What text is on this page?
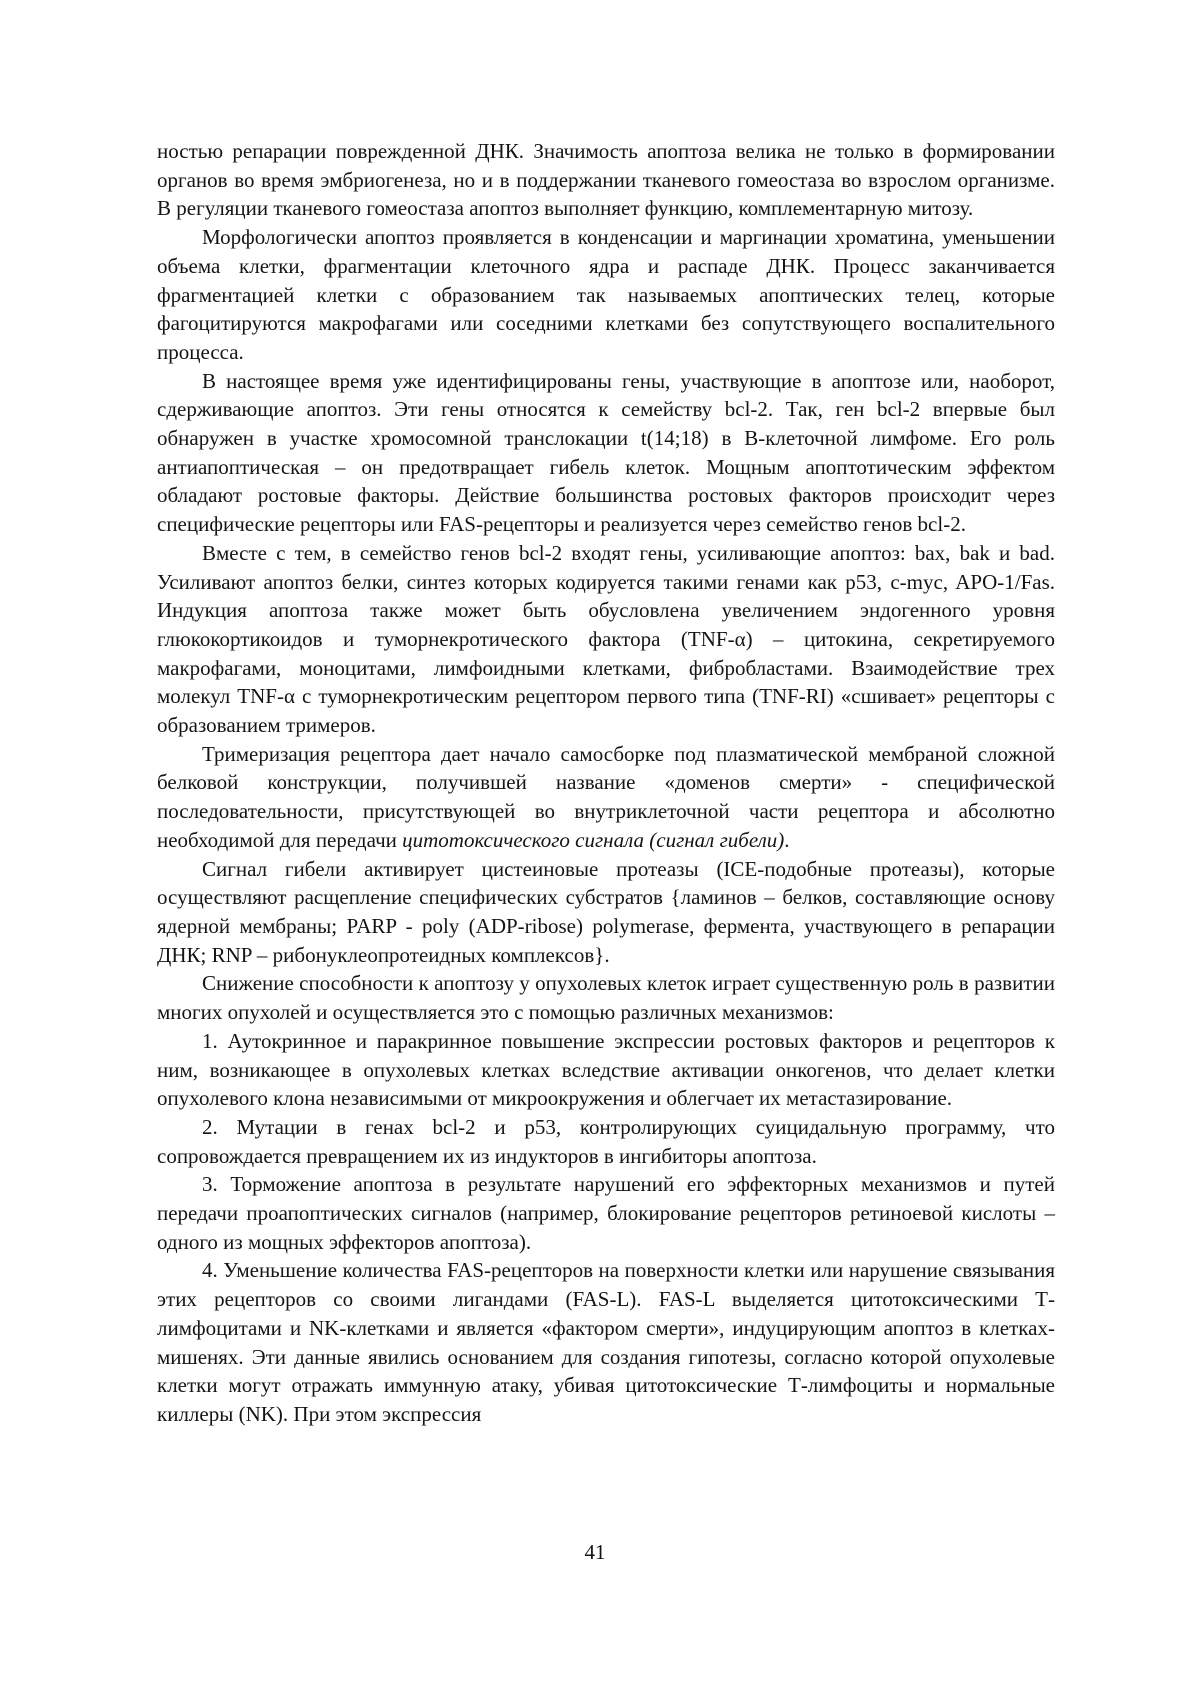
ностью репарации поврежденной ДНК. Значимость апоптоза велика не только в формировании органов во время эмбриогенеза, но и в поддержании тканевого гомеостаза во взрослом организме. В регуляции тканевого гомеостаза апоптоз выполняет функцию, комплементарную митозу.

Морфологически апоптоз проявляется в конденсации и маргинации хроматина, уменьшении объема клетки, фрагментации клеточного ядра и распаде ДНК. Процесс заканчивается фрагментацией клетки с образованием так называемых апоптических телец, которые фагоцитируются макрофагами или соседними клетками без сопутствующего воспалительного процесса.

В настоящее время уже идентифицированы гены, участвующие в апоптозе или, наоборот, сдерживающие апоптоз. Эти гены относятся к семейству bcl-2. Так, ген bcl-2 впервые был обнаружен в участке хромосомной транслокации t(14;18) в В-клеточной лимфоме. Его роль антиапоптическая – он предотвращает гибель клеток. Мощным апоптотическим эффектом обладают ростовые факторы. Действие большинства ростовых факторов происходит через специфические рецепторы или FAS-рецепторы и реализуется через семейство генов bcl-2.

Вместе с тем, в семейство генов bcl-2 входят гены, усиливающие апоптоз: bax, bak и bad. Усиливают апоптоз белки, синтез которых кодируется такими генами как p53, c-myc, APO-1/Fas. Индукция апоптоза также может быть обусловлена увеличением эндогенного уровня глюкокортикоидов и туморнекротического фактора (TNF-α) – цитокина, секретируемого макрофагами, моноцитами, лимфоидными клетками, фибробластами. Взаимодействие трех молекул TNF-α с туморнекротическим рецептором первого типа (TNF-RI) «сшивает» рецепторы с образованием тримеров.

Тримеризация рецептора дает начало самосборке под плазматической мембраной сложной белковой конструкции, получившей название «доменов смерти» - специфической последовательности, присутствующей во внутриклеточной части рецептора и абсолютно необходимой для передачи цитотоксического сигнала (сигнал гибели).

Сигнал гибели активирует цистеиновые протеазы (ICE-подобные протеазы), которые осуществляют расщепление специфических субстратов {ламинов – белков, составляющие основу ядерной мембраны; PARP - poly (ADP-ribose) polymerase, фермента, участвующего в репарации ДНК; RNP – рибонуклеопротеидных комплексов}.

Снижение способности к апоптозу у опухолевых клеток играет существенную роль в развитии многих опухолей и осуществляется это с помощью различных механизмов:

1. Аутокринное и паракринное повышение экспрессии ростовых факторов и рецепторов к ним, возникающее в опухолевых клетках вследствие активации онкогенов, что делает клетки опухолевого клона независимыми от микроокружения и облегчает их метастазирование.

2. Мутации в генах bcl-2 и p53, контролирующих суицидальную программу, что сопровождается превращением их из индукторов в ингибиторы апоптоза.

3. Торможение апоптоза в результате нарушений его эффекторных механизмов и путей передачи проапоптических сигналов (например, блокирование рецепторов ретиноевой кислоты – одного из мощных эффекторов апоптоза).

4. Уменьшение количества FAS-рецепторов на поверхности клетки или нарушение связывания этих рецепторов со своими лигандами (FAS-L). FAS-L выделяется цитотоксическими Т-лимфоцитами и NK-клетками и является «фактором смерти», индуцирующим апоптоз в клетках-мишенях. Эти данные явились основанием для создания гипотезы, согласно которой опухолевые клетки могут отражать иммунную атаку, убивая цитотоксические Т-лимфоциты и нормальные киллеры (NK). При этом экспрессия

41
